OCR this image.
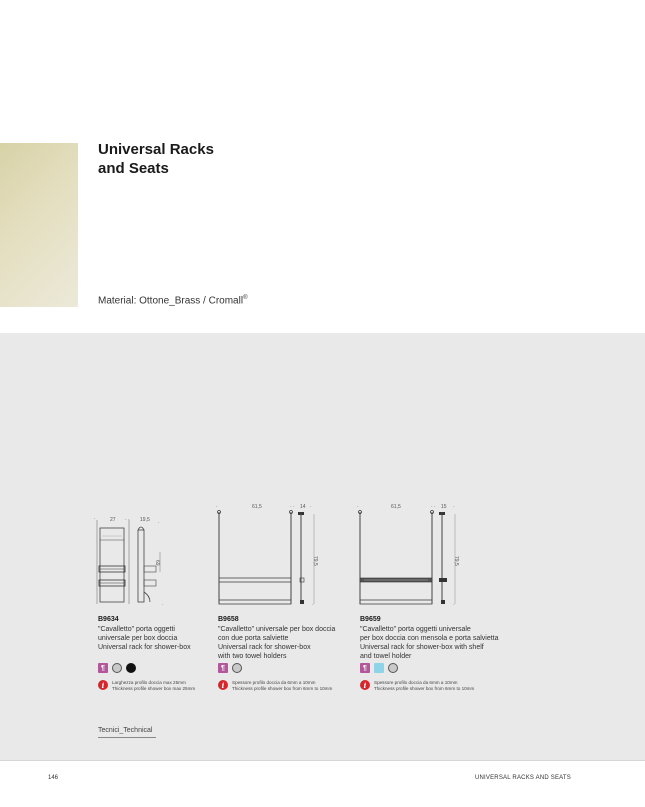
Universal Racks
and Seats
Material: Ottone_Brass / Cromall®
·	27 · · 19,5 ·
69
·
·	61,5	· · 14 ·
79,5
·
·	61,5	· · 15 ·
79,5
·
B9634
"Cavalletto" porta oggetti
universale per box doccia
Universal rack for shower-box
B9658
"Cavalletto" universale per box doccia
con due porta salviette
Universal rack for shower-box
with two towel holders
B9659
"Cavalletto" porta oggetti universale
per box doccia con mensola e porta salvietta
Universal rack for shower-box with shelf
and towel holder
¶	¶	¶
i	Larghezza profilo doccia max 25mm
Thickness profile shower box max 25mm	i	Spessore profilo doccia da 6mm a 10mm
Thickness profile shower box from 6mm to 10mm	i	Spessore profilo doccia da 6mm a 10mm
Thickness profile shower box from 6mm to 10mm
Tecnici_Technical
146	UNIVERSAL RACKS AND SEATS
